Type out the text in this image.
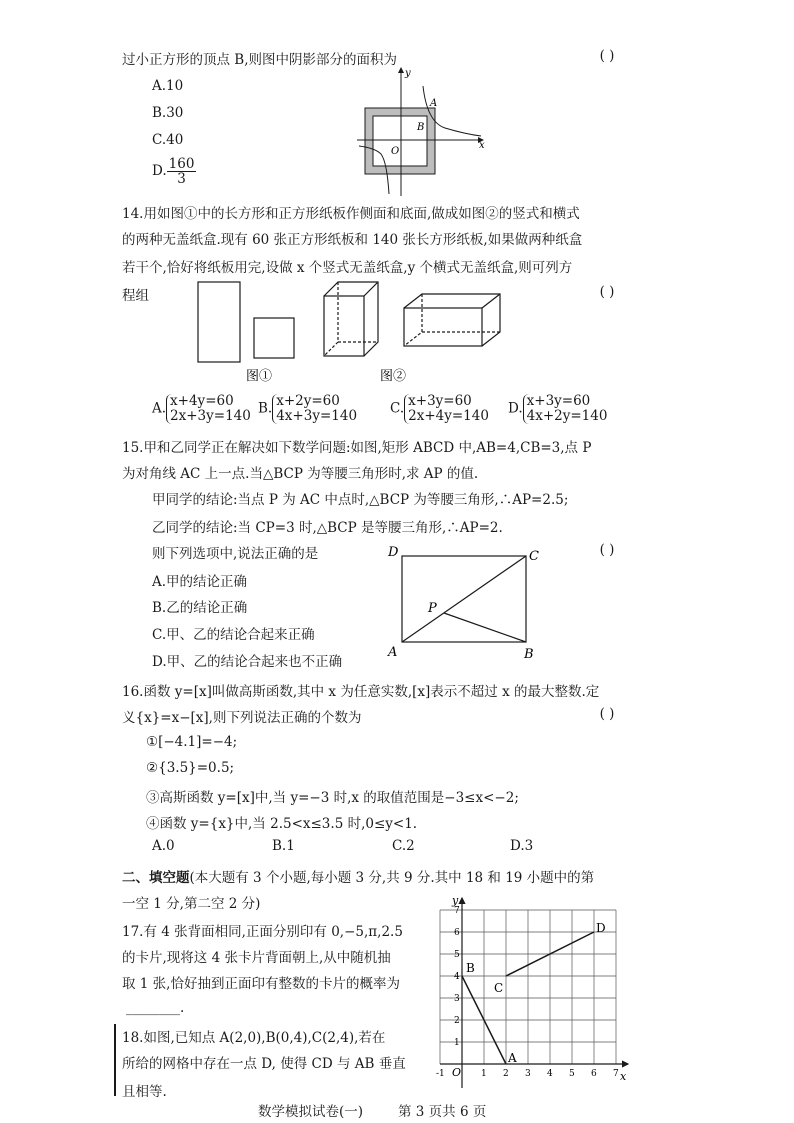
过小正方形的顶点 B,则图中阴影部分的面积为	( )
A.10
B.30
C.40
D. $\frac{160}{3}$
x
y
A
B
O
14.用如图①中的长方形和正方形纸板作侧面和底面,做成如图②的竖式和横式
的两种无盖纸盒.现有 60 张正方形纸板和 140 张长方形纸板,如果做两种纸盒
若干个,恰好将纸板用完,设做 x 个竖式无盖纸盒,y 个横式无盖纸盒,则可列方
程组	( )
图①	图②
A. x+4y=60
2x+3y=140 B. x+2y=60
4x+3y=140 C. x+3y=60
2x+4y=140 D. x+3y=60
4x+2y=140
15.甲和乙同学正在解决如下数学问题:如图,矩形 ABCD 中,AB=4,CB=3,点 P
为对角线 AC 上一点.当△BCP 为等腰三角形时,求 AP 的值.
甲同学的结论:当点 P 为 AC 中点时,△BCP 为等腰三角形,∴AP=2.5;
乙同学的结论:当 CP=3 时,△BCP 是等腰三角形,∴AP=2.
则下列选项中,说法正确的是	( )
A.甲的结论正确
B.乙的结论正确
C.甲、乙的结论合起来正确
D.甲、乙的结论合起来也不正确
D	C
A	B
P
16.函数 y=[x]叫做高斯函数,其中 x 为任意实数,[x]表示不超过 x 的最大整数.定
义{x}=x−[x],则下列说法正确的个数为	( )
①[−4.1]=−4;
②{3.5}=0.5;
③高斯函数 y=[x]中,当 y=−3 时,x 的取值范围是−3≤x<−2;
④函数 y={x}中,当 2.5<x≤3.5 时,0≤y<1.
A.0	B.1	C.2	D.3
二、填空题(本大题有 3 个小题,每小题 3 分,共 9 分.其中 18 和 19 小题中的第
一空 1 分,第二空 2 分)
17.有 4 张背面相同,正面分别印有 0,−5,π,2.5
的卡片,现将这 4 张卡片背面朝上,从中随机抽
取 1 张,恰好抽到正面印有整数的卡片的概率为
________.
18.如图,已知点 A(2,0),B(0,4),C(2,4),若在
所给的网格中存在一点 D, 使得 CD 与 AB 垂直
且相等.
x
y
O
-1	1 2 3 4 5 6 7
1
2
3
4
5
6
7
B
C
A
D
数学模拟试卷(一)	第 3 页共 6 页
